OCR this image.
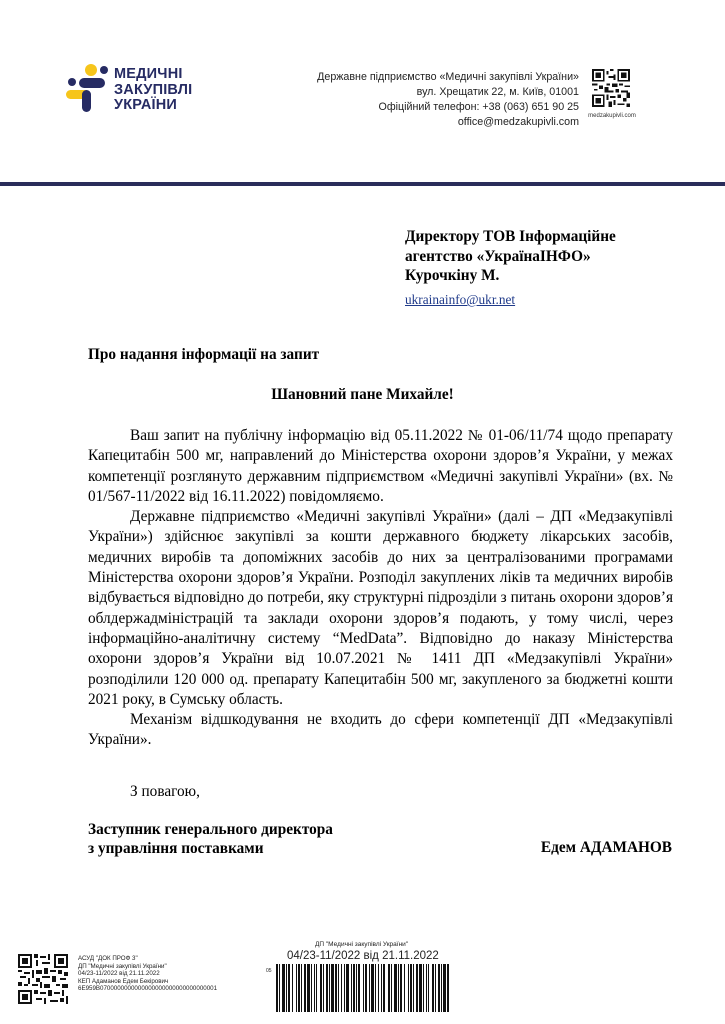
МЕДИЧНІ
ЗАКУПІВЛІ
УКРАЇНИ
Державне підприємство «Медичні закупівлі України»
вул. Хрещатик 22, м. Київ, 01001
Офіційний телефон: +38 (063) 651 90 25
office@medzakupivli.com	medzakupivli.com
Директору ТОВ Інформаційне
агентство «УкраїнаІНФО»
Курочкіну М.
ukrainainfo@ukr.net
Про надання інформації на запит
Шановний пане Михайле!

Ваш запит на публічну інформацію від 05.11.2022 № 01-06/11/74 щодо препарату Капецитабін 500 мг, направлений до Міністерства охорони здоров’я України, у межах компетенції розглянуто державним підприємством «Медичні закупівлі України» (вх. № 01/567-11/2022 від 16.11.2022) повідомляємо.

Державне підприємство «Медичні закупівлі України» (далі – ДП «Медзакупівлі України») здійснює закупівлі за кошти державного бюджету лікарських засобів, медичних виробів та допоміжних засобів до них за централізованими програмами Міністерства охорони здоров’я України. Розподіл закуплених ліків та медичних виробів відбувається відповідно до потреби, яку структурні підрозділи з питань охорони здоров’я облдержадміністрацій та заклади охорони здоров’я подають, у тому числі, через інформаційно-аналітичну систему “MedData”. Відповідно до наказу Міністерства охорони здоров’я України від 10.07.2021 № 1411 ДП «Медзакупівлі України» розподілили 120 000 од. препарату Капецитабін 500 мг, закупленого за бюджетні кошти 2021 року, в Сумську область.

Механізм відшкодування не входить до сфери компетенції ДП «Медзакупівлі України».

З повагою,
Заступник генерального директора
з управління поставками	Едем АДАМАНОВ
АСУД "ДОК ПРОФ 3"
ДП "Медичні закупівлі України"
04/23-11/2022 від 21.11.2022
КЕП Адаманов Едем Бекірович
6E959B0700000000000000000000000000000001
ДП "Медичні закупівлі України"
04/23-11/2022 від 21.11.2022
05
